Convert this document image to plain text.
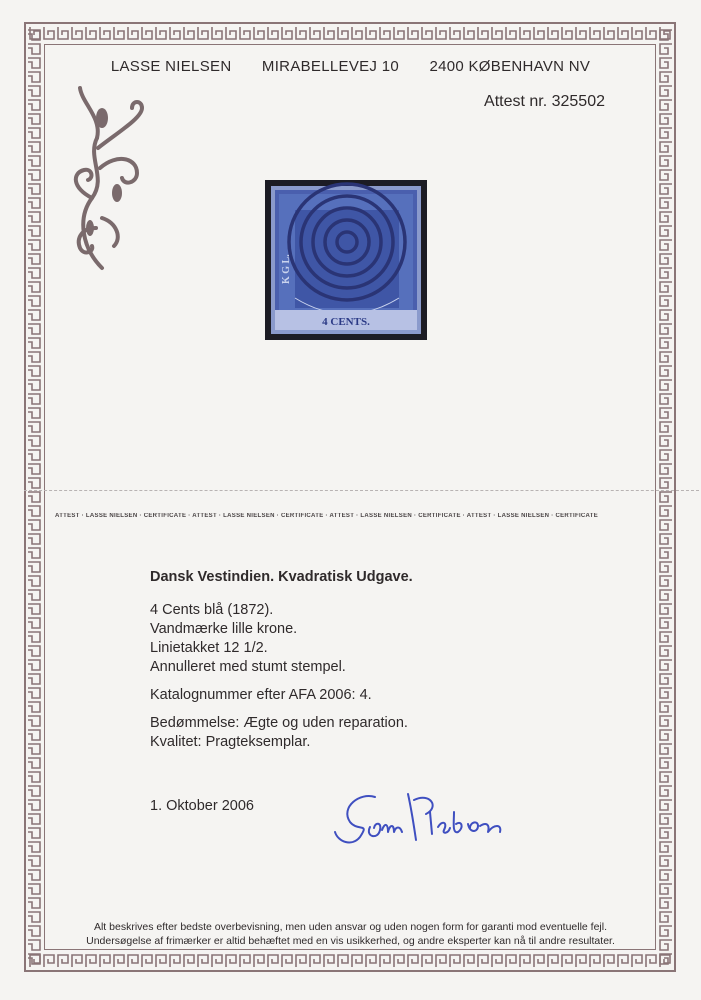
LASSE NIELSEN MIRABELLEVEJ 10 2400 KØBENHAVN NV
Attest nr. 325502
4 CENTS.
K G L.
ATTEST · LASSE NIELSEN · CERTIFICATE · ATTEST · LASSE NIELSEN · CERTIFICATE · ATTEST · LASSE NIELSEN · CERTIFICATE · ATTEST · LASSE NIELSEN · CERTIFICATE
Dansk Vestindien. Kvadratisk Udgave.
4 Cents blå (1872).
Vandmærke lille krone.
Linietakket 12 1/2.
Annulleret med stumt stempel.
Katalognummer efter AFA 2006: 4.
Bedømmelse: Ægte og uden reparation.
Kvalitet: Pragteksemplar.
1. Oktober 2006
Alt beskrives efter bedste overbevisning, men uden ansvar og uden nogen form for garanti mod eventuelle fejl.
Undersøgelse af frimærker er altid behæftet med en vis usikkerhed, og andre eksperter kan nå til andre resultater.
